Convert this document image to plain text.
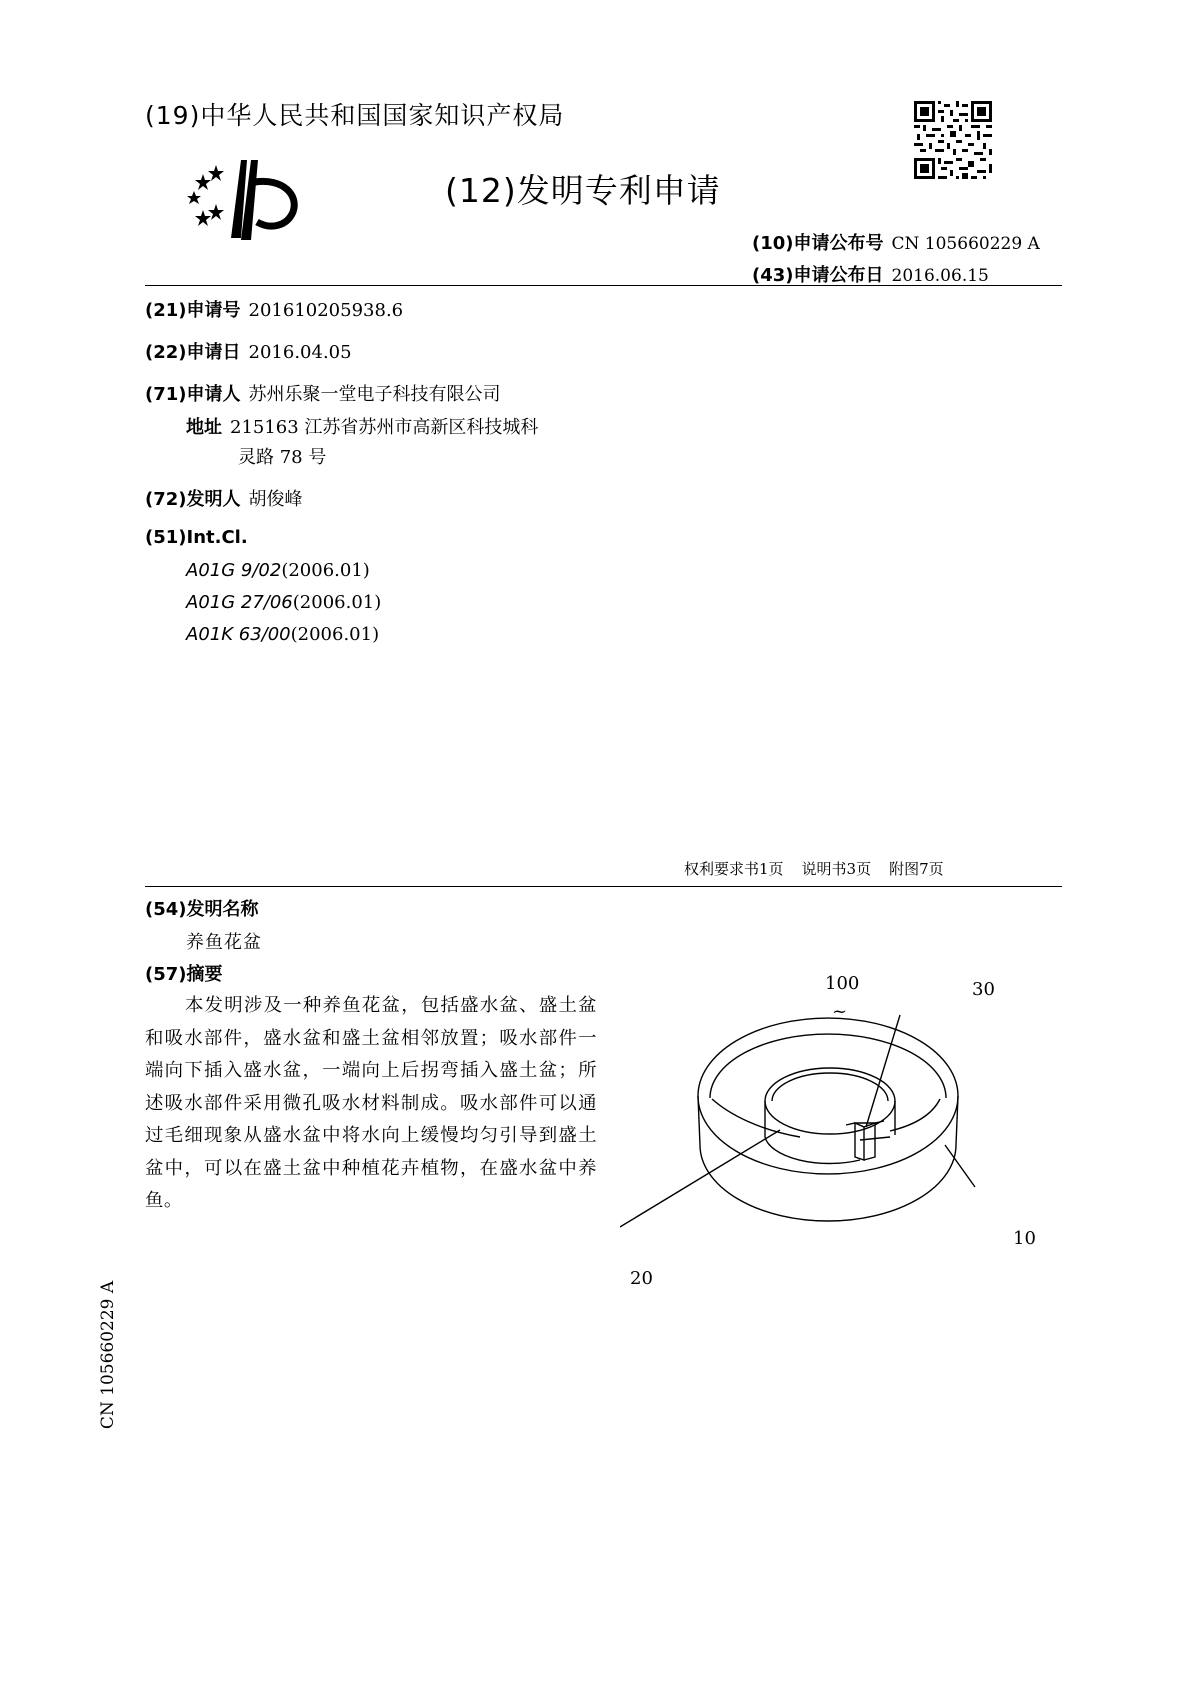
(19)中华人民共和国国家知识产权局
(12)发明专利申请
(10)申请公布号 CN 105660229 A
(43)申请公布日 2016.06.15
(21)申请号 201610205938.6
(22)申请日 2016.04.05
(71)申请人 苏州乐聚一堂电子科技有限公司
地址 215163 江苏省苏州市高新区科技城科
灵路 78 号
(72)发明人 胡俊峰
(51)Int.Cl.
A01G 9/02(2006.01)
A01G 27/06(2006.01)
A01K 63/00(2006.01)
权利要求书1页 说明书3页 附图7页
(54)发明名称
养鱼花盆
(57)摘要
本发明涉及一种养鱼花盆，包括盛水盆、盛土盆和吸水部件，盛水盆和盛土盆相邻放置；吸水部件一端向下插入盛水盆，一端向上后拐弯插入盛土盆；所述吸水部件采用微孔吸水材料制成。吸水部件可以通过毛细现象从盛水盆中将水向上缓慢均匀引导到盛土盆中，可以在盛土盆中种植花卉植物，在盛水盆中养鱼。
100
~
30
10
20
CN 105660229 A
